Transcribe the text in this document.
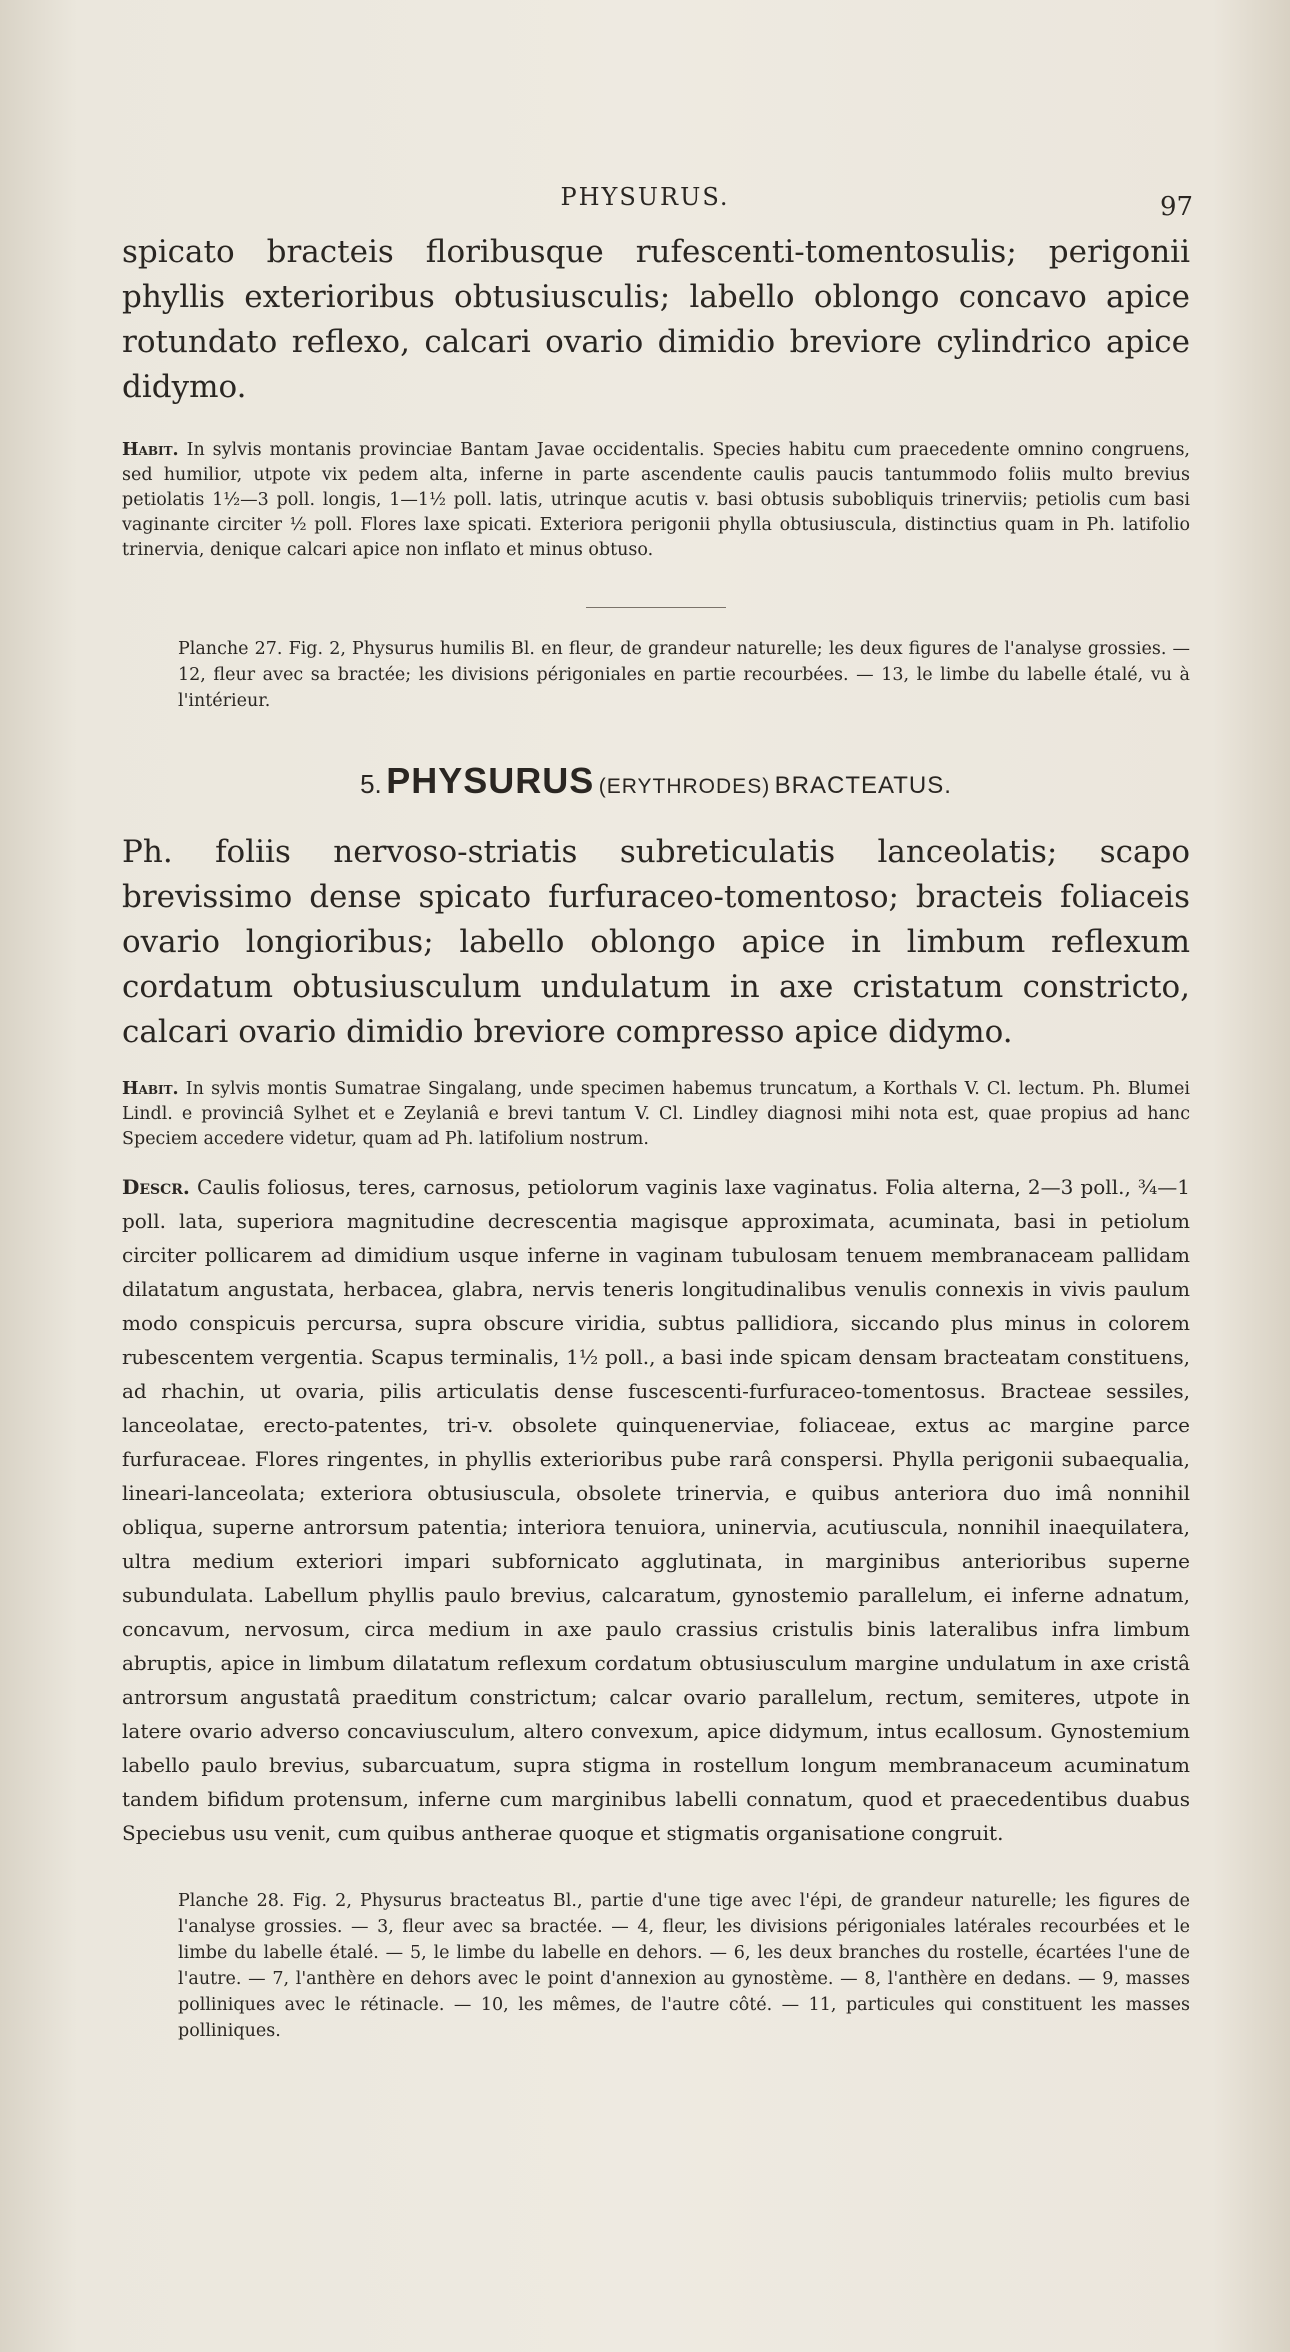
PHYSURUS.	97

spicato bracteis floribusque rufescenti-tomentosulis; perigonii phyllis exterioribus obtusiusculis; labello oblongo concavo apice rotundato reflexo, calcari ovario dimidio breviore cylindrico apice didymo.

Habit. In sylvis montanis provinciae Bantam Javae occidentalis. Species habitu cum praecedente omnino congruens, sed humilior, utpote vix pedem alta, inferne in parte ascendente caulis paucis tantummodo foliis multo brevius petiolatis 1½—3 poll. longis, 1—1½ poll. latis, utrinque acutis v. basi obtusis subobliquis trinerviis; petiolis cum basi vaginante circiter ½ poll. Flores laxe spicati. Exteriora perigonii phylla obtusiuscula, distinctius quam in Ph. latifolio trinervia, denique calcari apice non inflato et minus obtuso.

Planche 27. Fig. 2, Physurus humilis Bl. en fleur, de grandeur naturelle; les deux figures de l'analyse grossies. — 12, fleur avec sa bractée; les divisions périgoniales en partie recourbées. — 13, le limbe du labelle étalé, vu à l'intérieur.

5. PHYSURUS (ERYTHRODES) BRACTEATUS.

Ph. foliis nervoso-striatis subreticulatis lanceolatis; scapo brevissimo dense spicato furfuraceo-tomentoso; bracteis foliaceis ovario longioribus; labello oblongo apice in limbum reflexum cordatum obtusiusculum undulatum in axe cristatum constricto, calcari ovario dimidio breviore compresso apice didymo.

Habit. In sylvis montis Sumatrae Singalang, unde specimen habemus truncatum, a Korthals V. Cl. lectum. Ph. Blumei Lindl. e provinciâ Sylhet et e Zeylaniâ e brevi tantum V. Cl. Lindley diagnosi mihi nota est, quae propius ad hanc Speciem accedere videtur, quam ad Ph. latifolium nostrum.

Descr. Caulis foliosus, teres, carnosus, petiolorum vaginis laxe vaginatus. Folia alterna, 2—3 poll., ¾—1 poll. lata, superiora magnitudine decrescentia magisque approximata, acuminata, basi in petiolum circiter pollicarem ad dimidium usque inferne in vaginam tubulosam tenuem membranaceam pallidam dilatatum angustata, herbacea, glabra, nervis teneris longitudinalibus venulis connexis in vivis paulum modo conspicuis percursa, supra obscure viridia, subtus pallidiora, siccando plus minus in colorem rubescentem vergentia. Scapus terminalis, 1½ poll., a basi inde spicam densam bracteatam constituens, ad rhachin, ut ovaria, pilis articulatis dense fuscescenti-furfuraceo-tomentosus. Bracteae sessiles, lanceolatae, erecto-patentes, tri-v. obsolete quinquenerviae, foliaceae, extus ac margine parce furfuraceae. Flores ringentes, in phyllis exterioribus pube rarâ conspersi. Phylla perigonii subaequalia, lineari-lanceolata; exteriora obtusiuscula, obsolete trinervia, e quibus anteriora duo imâ nonnihil obliqua, superne antrorsum patentia; interiora tenuiora, uninervia, acutiuscula, nonnihil inaequilatera, ultra medium exteriori impari subfornicato agglutinata, in marginibus anterioribus superne subundulata. Labellum phyllis paulo brevius, calcaratum, gynostemio parallelum, ei inferne adnatum, concavum, nervosum, circa medium in axe paulo crassius cristulis binis lateralibus infra limbum abruptis, apice in limbum dilatatum reflexum cordatum obtusiusculum margine undulatum in axe cristâ antrorsum angustatâ praeditum constrictum; calcar ovario parallelum, rectum, semiteres, utpote in latere ovario adverso concaviusculum, altero convexum, apice didymum, intus ecallosum. Gynostemium labello paulo brevius, subarcuatum, supra stigma in rostellum longum membranaceum acuminatum tandem bifidum protensum, inferne cum marginibus labelli connatum, quod et praecedentibus duabus Speciebus usu venit, cum quibus antherae quoque et stigmatis organisatione congruit.

Planche 28. Fig. 2, Physurus bracteatus Bl., partie d'une tige avec l'épi, de grandeur naturelle; les figures de l'analyse grossies. — 3, fleur avec sa bractée. — 4, fleur, les divisions périgoniales latérales recourbées et le limbe du labelle étalé. — 5, le limbe du labelle en dehors. — 6, les deux branches du rostelle, écartées l'une de l'autre. — 7, l'anthère en dehors avec le point d'annexion au gynostème. — 8, l'anthère en dedans. — 9, masses polliniques avec le rétinacle. — 10, les mêmes, de l'autre côté. — 11, particules qui constituent les masses polliniques.
